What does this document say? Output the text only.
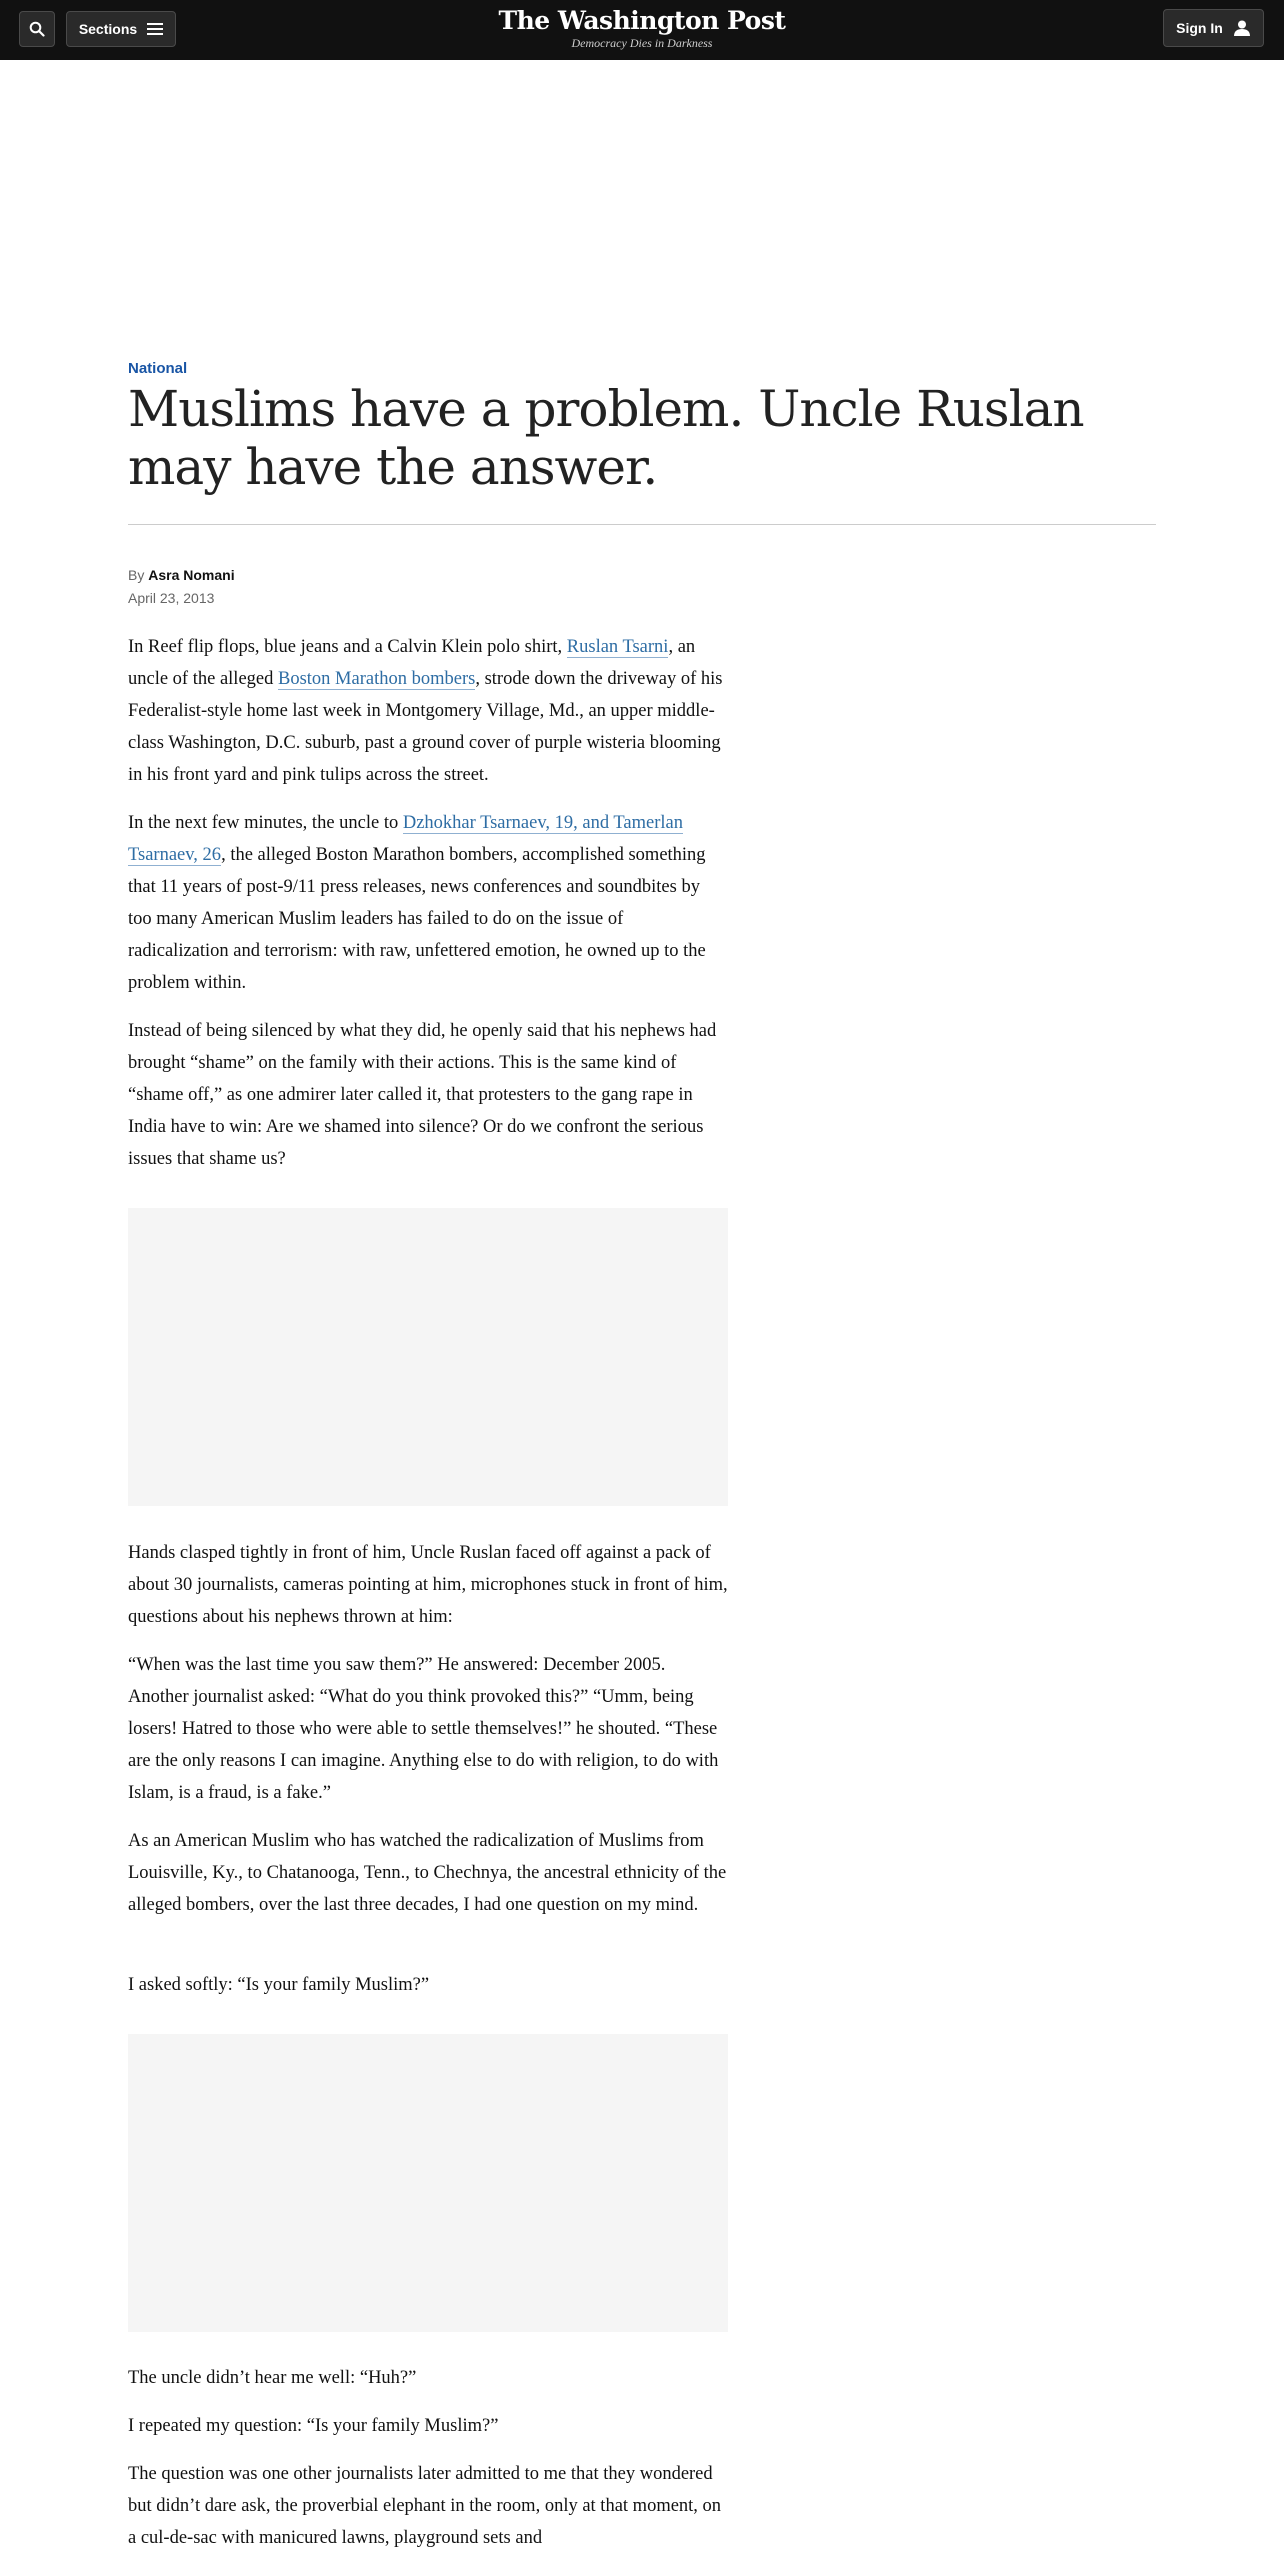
Sections	The Washington Post
Democracy Dies in Darkness
Sign In
National
Muslims have a problem. Uncle Ruslan may have the answer.
By Asra Nomani
April 23, 2013

In Reef flip flops, blue jeans and a Calvin Klein polo shirt, Ruslan Tsarni, an uncle of the alleged Boston Marathon bombers, strode down the driveway of his Federalist-style home last week in Montgomery Village, Md., an upper middle-class Washington, D.C. suburb, past a ground cover of purple wisteria blooming in his front yard and pink tulips across the street.

In the next few minutes, the uncle to Dzhokhar Tsarnaev, 19, and Tamerlan Tsarnaev, 26, the alleged Boston Marathon bombers, accomplished something that 11 years of post-9/11 press releases, news conferences and soundbites by too many American Muslim leaders has failed to do on the issue of radicalization and terrorism: with raw, unfettered emotion, he owned up to the problem within.

Instead of being silenced by what they did, he openly said that his nephews had brought “shame” on the family with their actions. This is the same kind of “shame off,” as one admirer later called it, that protesters to the gang rape in India have to win: Are we shamed into silence? Or do we confront the serious issues that shame us?

Hands clasped tightly in front of him, Uncle Ruslan faced off against a pack of about 30 journalists, cameras pointing at him, microphones stuck in front of him, questions about his nephews thrown at him:

“When was the last time you saw them?” He answered: December 2005. Another journalist asked: “What do you think provoked this?” “Umm, being losers! Hatred to those who were able to settle themselves!” he shouted. “These are the only reasons I can imagine. Anything else to do with religion, to do with Islam, is a fraud, is a fake.”

As an American Muslim who has watched the radicalization of Muslims from Louisville, Ky., to Chatanooga, Tenn., to Chechnya, the ancestral ethnicity of the alleged bombers, over the last three decades, I had one question on my mind.

I asked softly: “Is your family Muslim?”

The uncle didn’t hear me well: “Huh?”

I repeated my question: “Is your family Muslim?”

The question was one other journalists later admitted to me that they wondered but didn’t dare ask, the proverbial elephant in the room, only at that moment, on a cul-de-sac with manicured lawns, playground sets and
